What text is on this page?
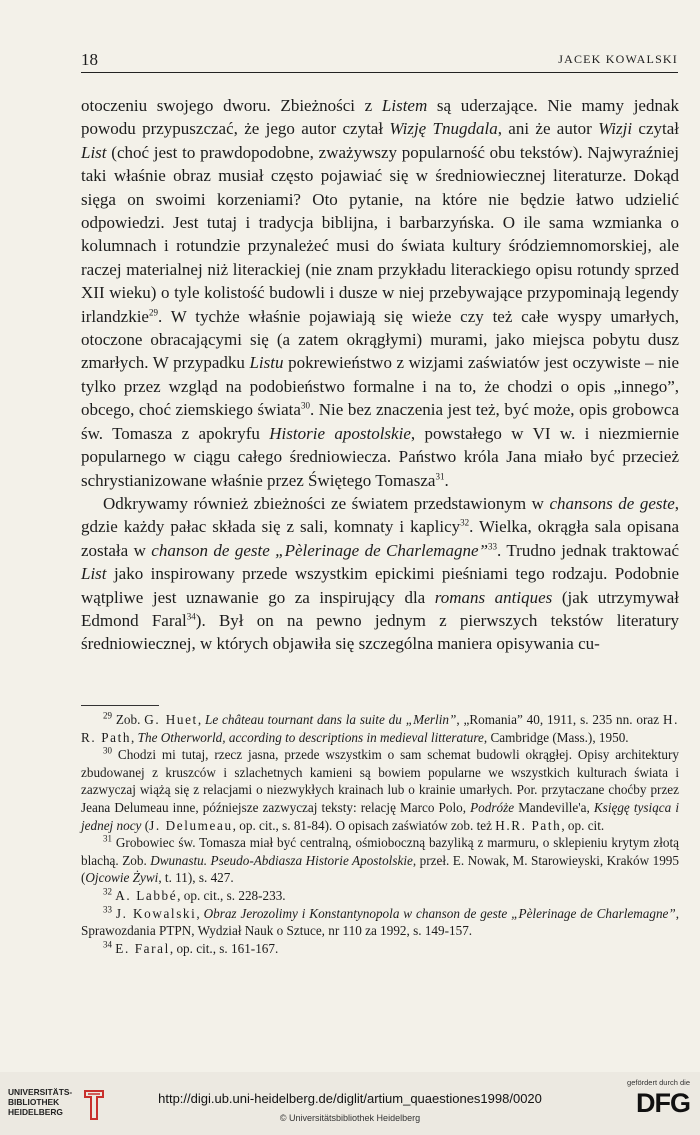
18	JACEK KOWALSKI

otoczeniu swojego dworu. Zbieżności z Listem są uderzające. Nie mamy jednak powodu przypuszczać, że jego autor czytał Wizję Tnugdala, ani że autor Wizji czytał List (choć jest to prawdopodobne, zważywszy popularność obu tekstów). Najwyraźniej taki właśnie obraz musiał często pojawiać się w średniowiecznej literaturze. Dokąd sięga on swoimi korzeniami? Oto pytanie, na które nie będzie łatwo udzielić odpowiedzi. Jest tutaj i tradycja biblijna, i barbarzyńska. O ile sama wzmianka o kolumnach i rotundzie przynależeć musi do świata kultury śródziemnomorskiej, ale raczej materialnej niż literackiej (nie znam przykładu literackiego opisu rotundy sprzed XII wieku) o tyle kolistość budowli i dusze w niej przebywające przypominają legendy irlandzkie$^{29}$. W tychże właśnie pojawiają się wieże czy też całe wyspy umarłych, otoczone obracającymi się (a zatem okrągłymi) murami, jako miejsca pobytu dusz zmarłych. W przypadku Listu pokrewieństwo z wizjami zaświatów jest oczywiste – nie tylko przez wzgląd na podobieństwo formalne i na to, że chodzi o opis „innego”, obcego, choć ziemskiego świata$^{30}$. Nie bez znaczenia jest też, być może, opis grobowca św. Tomasza z apokryfu Historie apostolskie, powstałego w VI w. i niezmiernie popularnego w ciągu całego średniowiecza. Państwo króla Jana miało być przecież schrystianizowane właśnie przez Świętego Tomasza$^{31}$.

Odkrywamy również zbieżności ze światem przedstawionym w chansons de geste, gdzie każdy pałac składa się z sali, komnaty i kaplicy$^{32}$. Wielka, okrągła sala opisana została w chanson de geste „Pèlerinage de Charlemagne”$^{33}$. Trudno jednak traktować List jako inspirowany przede wszystkim epickimi pieśniami tego rodzaju. Podobnie wątpliwe jest uznawanie go za inspirujący dla romans antiques (jak utrzymywał Edmond Faral$^{34}$). Był on na pewno jednym z pierwszych tekstów literatury średniowiecznej, w których objawiła się szczególna maniera opisywania cu-

$^{29}$ Zob. G. Huet, Le château tournant dans la suite du „Merlin”, „Romania” 40, 1911, s. 235 nn. oraz H. R. Path, The Otherworld, according to descriptions in medieval litterature, Cambridge (Mass.), 1950.

$^{30}$ Chodzi mi tutaj, rzecz jasna, przede wszystkim o sam schemat budowli okrągłej. Opisy architektury zbudowanej z kruszców i szlachetnych kamieni są bowiem popularne we wszystkich kulturach świata i zazwyczaj wiążą się z relacjami o niezwykłych krainach lub o krainie umarłych. Por. przytaczane choćby przez Jeana Delumeau inne, późniejsze zazwyczaj teksty: relację Marco Polo, Podróże Mandeville'a, Księgę tysiąca i jednej nocy (J. Delumeau, op. cit., s. 81-84). O opisach zaświatów zob. też H.R. Path, op. cit.

$^{31}$ Grobowiec św. Tomasza miał być centralną, ośmioboczną bazyliką z marmuru, o sklepieniu krytym złotą blachą. Zob. Dwunastu. Pseudo-Abdiasza Historie Apostolskie, przeł. E. Nowak, M. Starowieyski, Kraków 1995 (Ojcowie Żywi, t. 11), s. 427.

$^{32}$ A. Labbé, op. cit., s. 228-233.

$^{33}$ J. Kowalski, Obraz Jerozolimy i Konstantynopola w chanson de geste „Pèlerinage de Charlemagne”, Sprawozdania PTPN, Wydział Nauk o Sztuce, nr 110 za 1992, s. 149-157.

$^{34}$ E. Faral, op. cit., s. 161-167.

UNIVERSITÄTS-
BIBLIOTHEK
HEIDELBERG
http://digi.ub.uni-heidelberg.de/diglit/artium_quaestiones1998/0020
© Universitätsbibliothek Heidelberg
gefördert durch die
DFG
